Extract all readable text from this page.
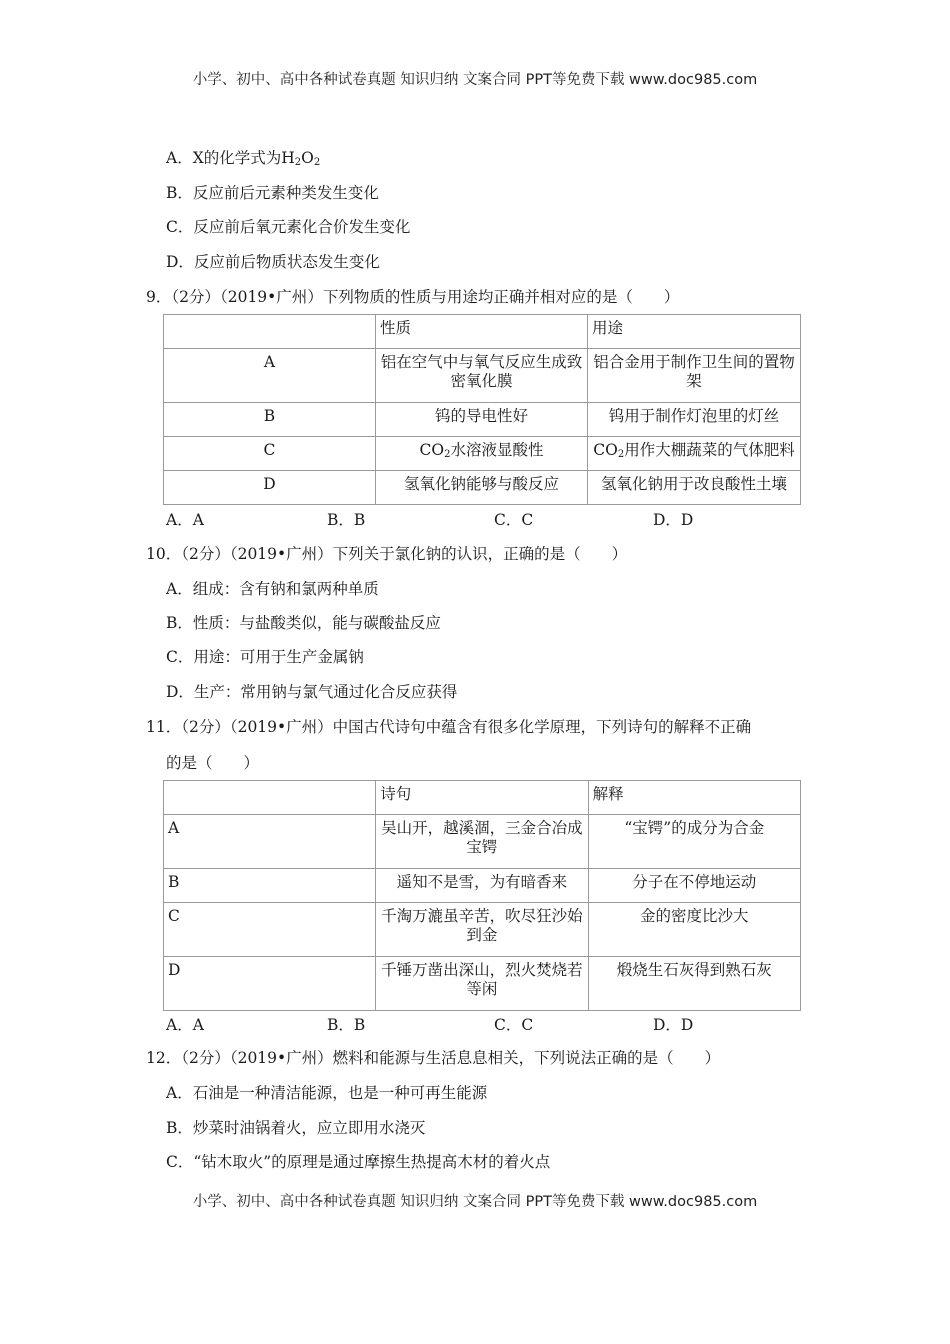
小学、初中、高中各种试卷真题 知识归纳 文案合同 PPT等免费下载 www.doc985.com
A．X的化学式为$H_2O_2$
B．反应前后元素种类发生变化
C．反应前后氧元素化合价发生变化
D．反应前后物质状态发生变化
9．（2分）（2019•广州）下列物质的性质与用途均正确并相对应的是（　　）
	性质	用途
A	铝在空气中与氧气反应生成致密氧化膜	铝合金用于制作卫生间的置物架
B	钨的导电性好	钨用于制作灯泡里的灯丝
C	$CO_2$水溶液显酸性	$CO_2$用作大棚蔬菜的气体肥料
D	氢氧化钠能够与酸反应	氢氧化钠用于改良酸性土壤
A．A	B．B	C．C	D．D
10．（2分）（2019•广州）下列关于氯化钠的认识，正确的是（　　）
A．组成：含有钠和氯两种单质
B．性质：与盐酸类似，能与碳酸盐反应
C．用途：可用于生产金属钠
D．生产：常用钠与氯气通过化合反应获得
11．（2分）（2019•广州）中国古代诗句中蕴含有很多化学原理，下列诗句的解释不正确
的是（　　）
	诗句	解释
A	吴山开，越溪涸，三金合冶成宝锷	“宝锷”的成分为合金
B	遥知不是雪，为有暗香来	分子在不停地运动
C	千淘万漉虽辛苦，吹尽狂沙始到金	金的密度比沙大
D	千锤万凿出深山，烈火焚烧若等闲	煅烧生石灰得到熟石灰
A．A	B．B	C．C	D．D
12．（2分）（2019•广州）燃料和能源与生活息息相关，下列说法正确的是（　　）
A．石油是一种清洁能源，也是一种可再生能源
B．炒菜时油锅着火，应立即用水浇灭
C．“钻木取火”的原理是通过摩擦生热提高木材的着火点
小学、初中、高中各种试卷真题 知识归纳 文案合同 PPT等免费下载 www.doc985.com
